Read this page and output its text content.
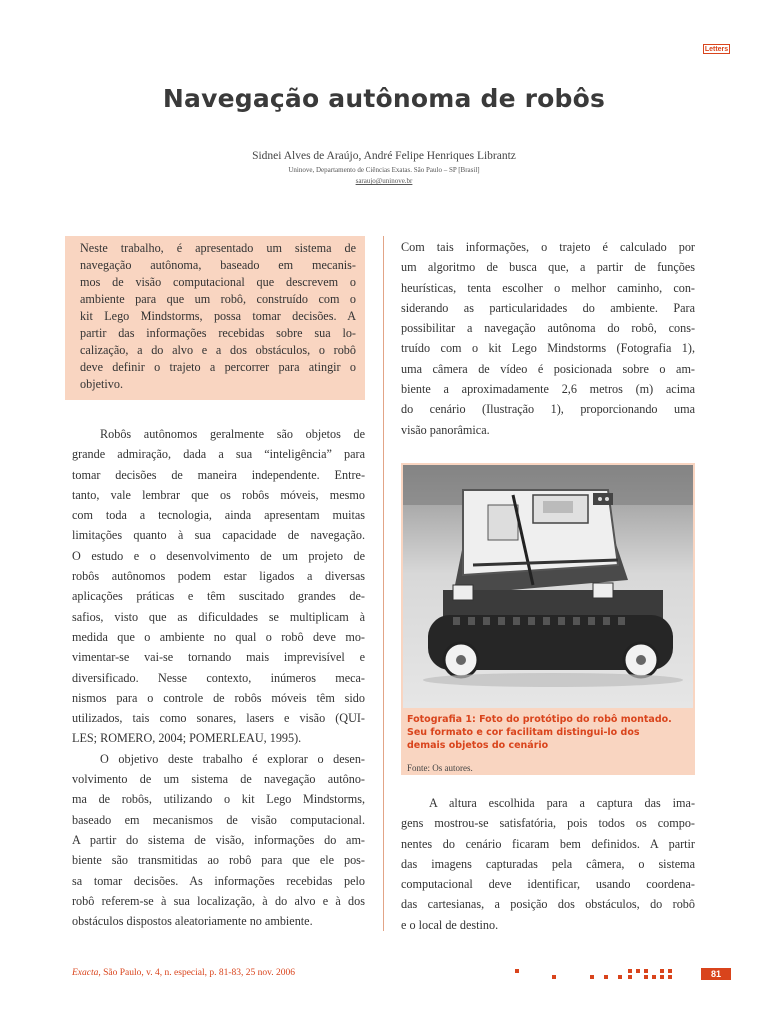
Letters
Navegação autônoma de robôs
Sidnei Alves de Araújo, André Felipe Henriques Librantz
Uninove, Departamento de Ciências Exatas. São Paulo – SP [Brasil]
saraujo@uninove.br
Neste trabalho, é apresentado um sistema de
navegação autônoma, baseado em mecanis-
mos de visão computacional que descrevem o
ambiente para que um robô, construído com o
kit Lego Mindstorms, possa tomar decisões. A
partir das informações recebidas sobre sua lo-
calização, a do alvo e a dos obstáculos, o robô
deve definir o trajeto a percorrer para atingir o
objetivo.
Robôs autônomos geralmente são objetos de
grande admiração, dada a sua “inteligência” para
tomar decisões de maneira independente. Entre-
tanto, vale lembrar que os robôs móveis, mesmo
com toda a tecnologia, ainda apresentam muitas
limitações quanto à sua capacidade de navegação.
O estudo e o desenvolvimento de um projeto de
robôs autônomos podem estar ligados a diversas
aplicações práticas e têm suscitado grandes de-
safios, visto que as dificuldades se multiplicam à
medida que o ambiente no qual o robô deve mo-
vimentar-se vai-se tornando mais imprevisível e
diversificado. Nesse contexto, inúmeros meca-
nismos para o controle de robôs móveis têm sido
utilizados, tais como sonares, lasers e visão (QUI-
LES; ROMERO, 2004; POMERLEAU, 1995).
O objetivo deste trabalho é explorar o desen-
volvimento de um sistema de navegação autôno-
ma de robôs, utilizando o kit Lego Mindstorms,
baseado em mecanismos de visão computacional.
A partir do sistema de visão, informações do am-
biente são transmitidas ao robô para que ele pos-
sa tomar decisões. As informações recebidas pelo
robô referem-se à sua localização, à do alvo e à dos
obstáculos dispostos aleatoriamente no ambiente.
Com tais informações, o trajeto é calculado por
um algoritmo de busca que, a partir de funções
heurísticas, tenta escolher o melhor caminho, con-
siderando as particularidades do ambiente. Para
possibilitar a navegação autônoma do robô, cons-
truído com o kit Lego Mindstorms (Fotografia 1),
uma câmera de vídeo é posicionada sobre o am-
biente a aproximadamente 2,6 metros (m) acima
do cenário (Ilustração 1), proporcionando uma
visão panorâmica.
Fotografia 1: Foto do protótipo do robô montado.
Seu formato e cor facilitam distingui-lo dos
demais objetos do cenário
Fonte: Os autores.
A altura escolhida para a captura das ima-
gens mostrou-se satisfatória, pois todos os compo-
nentes do cenário ficaram bem definidos. A partir
das imagens capturadas pela câmera, o sistema
computacional deve identificar, usando coordena-
das cartesianas, a posição dos obstáculos, do robô
e o local de destino.
Exacta, São Paulo, v. 4, n. especial, p. 81-83, 25 nov. 2006	81
